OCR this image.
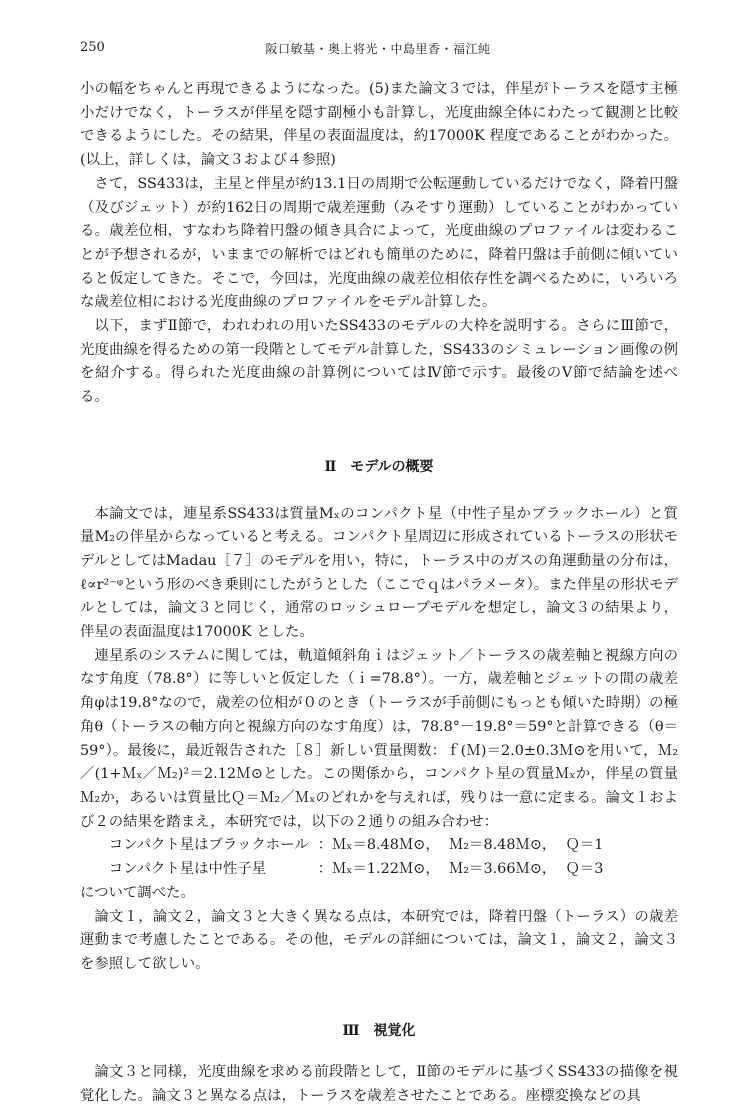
250	阪口敏基・奥上将光・中島里香・福江純

小の幅をちゃんと再現できるようになった。(5)また論文３では，伴星がトーラスを隠す主極小だけでなく，トーラスが伴星を隠す副極小も計算し，光度曲線全体にわたって観測と比較できるようにした。その結果，伴星の表面温度は，約17000K 程度であることがわかった。(以上，詳しくは，論文３および４参照)

さて，SS433は，主星と伴星が約13.1日の周期で公転運動しているだけでなく，降着円盤（及びジェット）が約162日の周期で歳差運動（みそすり運動）していることがわかっている。歳差位相，すなわち降着円盤の傾き具合によって，光度曲線のプロファイルは変わることが予想されるが，いままでの解析ではどれも簡単のために，降着円盤は手前側に傾いていると仮定してきた。そこで，今回は，光度曲線の歳差位相依存性を調べるために，いろいろな歳差位相における光度曲線のプロファイルをモデル計算した。

以下，まずⅡ節で，われわれの用いたSS433のモデルの大枠を説明する。さらにⅢ節で，光度曲線を得るための第一段階としてモデル計算した，SS433のシミュレーション画像の例を紹介する。得られた光度曲線の計算例についてはⅣ節で示す。最後のⅤ節で結論を述べる。

Ⅱ　モデルの概要

本論文では，連星系SS433は質量Mₓのコンパクト星（中性子星かブラックホール）と質量M₂の伴星からなっていると考える。コンパクト星周辺に形成されているトーラスの形状モデルとしてはMadau［７］のモデルを用い，特に，トーラス中のガスの角運動量の分布は，ℓ∝r²⁻ᵠという形のべき乗則にしたがうとした（ここでｑはパラメータ）。また伴星の形状モデルとしては，論文３と同じく，通常のロッシュローブモデルを想定し，論文３の結果より，伴星の表面温度は17000K とした。

連星系のシステムに関しては，軌道傾斜角ｉはジェット／トーラスの歳差軸と視線方向のなす角度（78.8°）に等しいと仮定した（ｉ=78.8°）。一方，歳差軸とジェットの間の歳差角φは19.8°なので，歳差の位相が０のとき（トーラスが手前側にもっとも傾いた時期）の極角θ（トーラスの軸方向と視線方向のなす角度）は，78.8°－19.8°＝59°と計算できる（θ＝59°）。最後に，最近報告された［８］新しい質量関数：ｆ(Ｍ)＝2.0±0.3Ｍ⊙を用いて，Ｍ₂／(1+Ｍₓ／Ｍ₂)²＝2.12Ｍ⊙とした。この関係から，コンパクト星の質量Ｍₓか，伴星の質量Ｍ₂か，あるいは質量比Ｑ＝Ｍ₂／Ｍₓのどれかを与えれば，残りは一意に定まる。論文１および２の結果を踏まえ，本研究では，以下の２通りの組み合わせ：

コンパクト星はブラックホール ：Ｍₓ＝8.48Ｍ⊙，  Ｍ₂＝8.48Ｍ⊙，  Ｑ＝1
コンパクト星は中性子星	：Ｍₓ＝1.22Ｍ⊙，  Ｍ₂＝3.66Ｍ⊙，  Ｑ＝3

について調べた。

論文１，論文２，論文３と大きく異なる点は，本研究では，降着円盤（トーラス）の歳差運動まで考慮したことである。その他，モデルの詳細については，論文１，論文２，論文３を参照して欲しい。

Ⅲ　視覚化

論文３と同様，光度曲線を求める前段階として，Ⅱ節のモデルに基づくSS433の描像を視覚化した。論文３と異なる点は，トーラスを歳差させたことである。座標変換などの具
